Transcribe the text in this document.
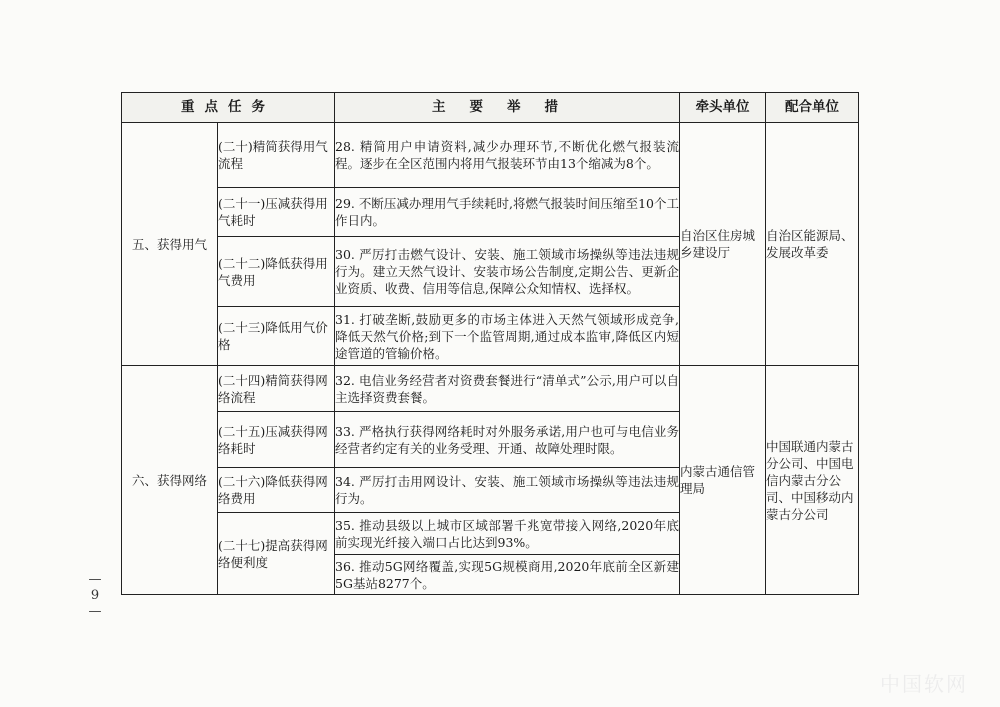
重点任务		主要举措	牵头单位	配合单位
五、获得用气	(二十)精简获得用气流程	28. 精简用户申请资料,减少办理环节,不断优化燃气报装流程。逐步在全区范围内将用气报装环节由13个缩减为8个。	自治区住房城乡建设厅	自治区能源局、发展改革委
	(二十一)压减获得用气耗时	29. 不断压减办理用气手续耗时,将燃气报装时间压缩至10个工作日内。		
	(二十二)降低获得用气费用	30. 严厉打击燃气设计、安装、施工领域市场操纵等违法违规行为。建立天然气设计、安装市场公告制度,定期公告、更新企业资质、收费、信用等信息,保障公众知情权、选择权。		
	(二十三)降低用气价格	31. 打破垄断,鼓励更多的市场主体进入天然气领域形成竞争,降低天然气价格;到下一个监管周期,通过成本监审,降低区内短途管道的管输价格。		
六、获得网络	(二十四)精简获得网络流程	32. 电信业务经营者对资费套餐进行“清单式”公示,用户可以自主选择资费套餐。	内蒙古通信管理局	中国联通内蒙古分公司、中国电信内蒙古分公司、中国移动内蒙古分公司
	(二十五)压减获得网络耗时	33. 严格执行获得网络耗时对外服务承诺,用户也可与电信业务经营者约定有关的业务受理、开通、故障处理时限。		
	(二十六)降低获得网络费用	34. 严厉打击用网设计、安装、施工领域市场操纵等违法违规行为。		
	(二十七)提高获得网络便利度	35. 推动县级以上城市区域部署千兆宽带接入网络,2020年底前实现光纤接入端口占比达到93%。		
		36. 推动5G网络覆盖,实现5G规模商用,2020年底前全区新建5G基站8277个。		
— 9 —
中国软网
